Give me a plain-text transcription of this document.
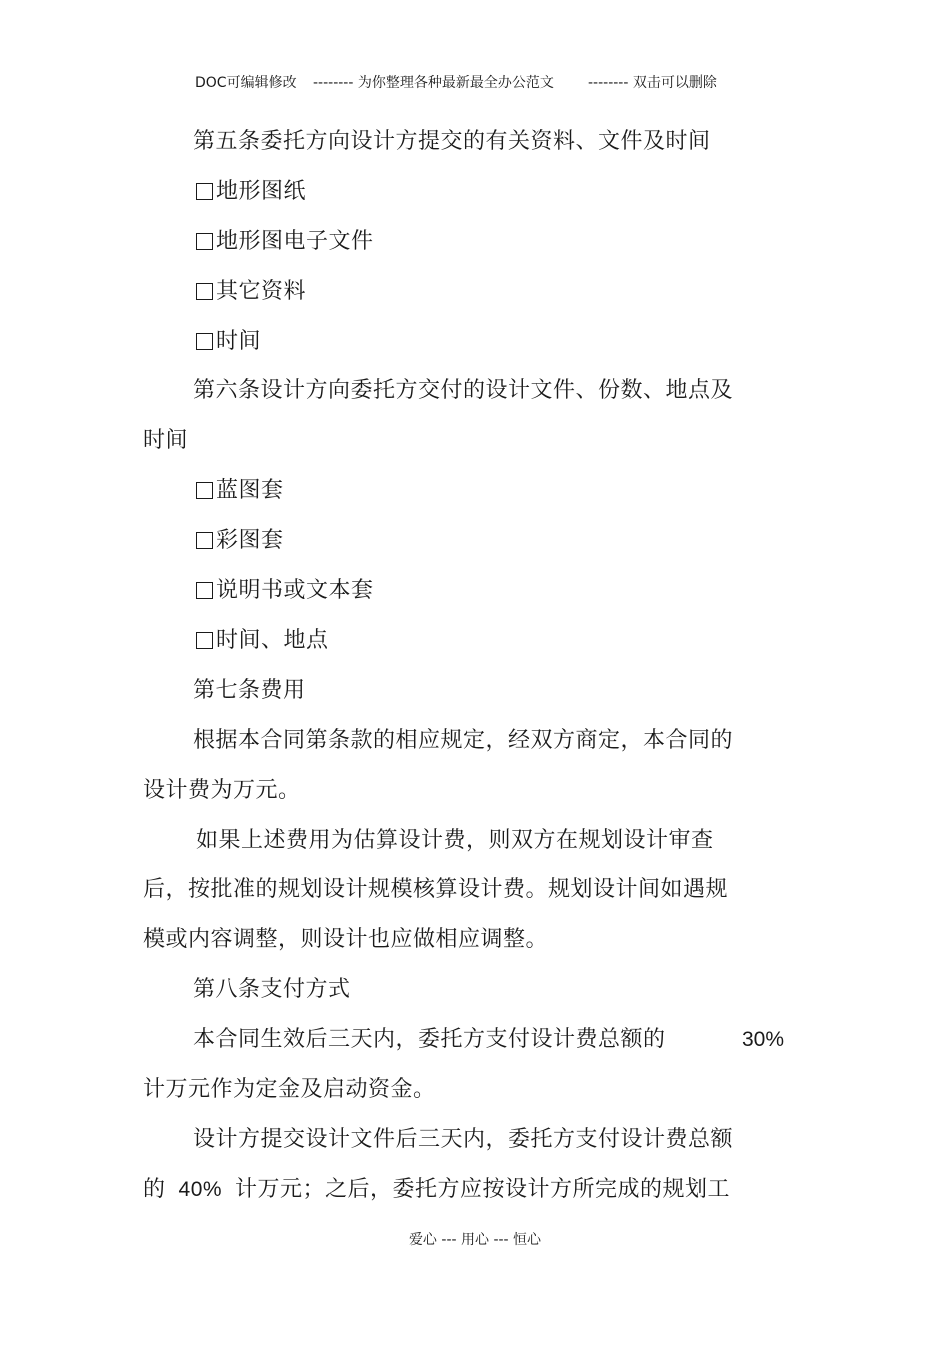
DOC可编辑修改 -------- 为你整理各种最新最全办公范文 -------- 双击可以删除
第五条委托方向设计方提交的有关资料、文件及时间
地形图纸
地形图电子文件
其它资料
时间
第六条设计方向委托方交付的设计文件、份数、地点及
时间
蓝图套
彩图套
说明书或文本套
时间、地点
第七条费用
根据本合同第条款的相应规定，经双方商定，本合同的
设计费为万元。
如果上述费用为估算设计费，则双方在规划设计审查
后，按批准的规划设计规模核算设计费。规划设计间如遇规
模或内容调整，则设计也应做相应调整。
第八条支付方式
本合同生效后三天内，委托方支付设计费总额的	30%
计万元作为定金及启动资金。
设计方提交设计文件后三天内，委托方支付设计费总额
的 40% 计万元；之后，委托方应按设计方所完成的规划工
爱心 --- 用心 --- 恒心
